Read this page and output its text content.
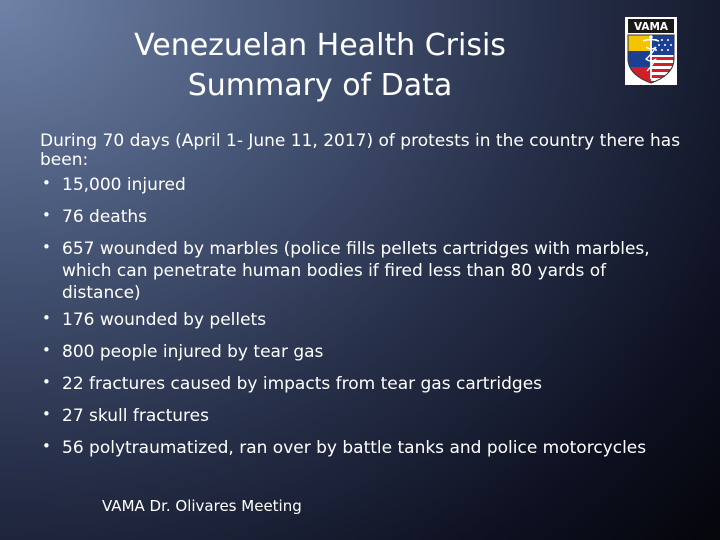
Venezuelan Health Crisis
Summary of Data
VAMA

During 70 days (April 1- June 11, 2017) of protests in the country there has been:

• 15,000 injured
• 76 deaths
• 657 wounded by marbles (police fills pellets cartridges with marbles, which can penetrate human bodies if fired less than 80 yards of distance)
• 176 wounded by pellets
• 800 people injured by tear gas
• 22 fractures caused by impacts from tear gas cartridges
• 27 skull fractures
• 56 polytraumatized, ran over by battle tanks and police motorcycles

VAMA Dr. Olivares Meeting
